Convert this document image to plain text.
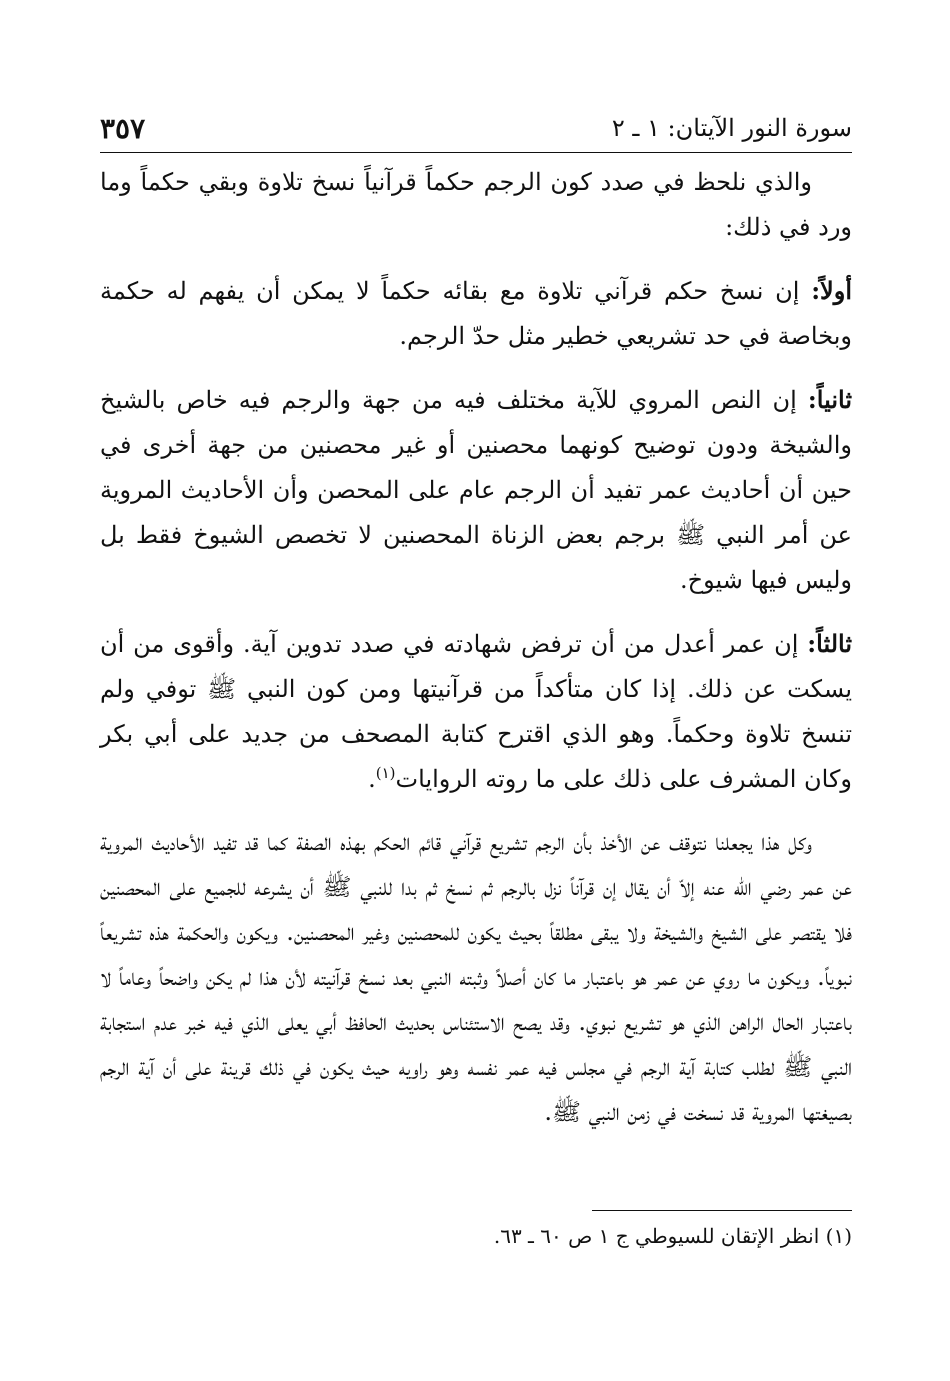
سورة النور الآيتان: ١ ـ ٢
٣٥٧

والذي نلحظ في صدد كون الرجم حكماً قرآنياً نسخ تلاوة وبقي حكماً وما ورد في ذلك:

أولاً: إن نسخ حكم قرآني تلاوة مع بقائه حكماً لا يمكن أن يفهم له حكمة وبخاصة في حد تشريعي خطير مثل حدّ الرجم.

ثانياً: إن النص المروي للآية مختلف فيه من جهة والرجم فيه خاص بالشيخ والشيخة ودون توضيح كونهما محصنين أو غير محصنين من جهة أخرى في حين أن أحاديث عمر تفيد أن الرجم عام على المحصن وأن الأحاديث المروية عن أمر النبي ﷺ برجم بعض الزناة المحصنين لا تخصص الشيوخ فقط بل وليس فيها شيوخ.

ثالثاً: إن عمر أعدل من أن ترفض شهادته في صدد تدوين آية. وأقوى من أن يسكت عن ذلك. إذا كان متأكداً من قرآنيتها ومن كون النبي ﷺ توفي ولم تنسخ تلاوة وحكماً. وهو الذي اقترح كتابة المصحف من جديد على أبي بكر وكان المشرف على ذلك على ما روته الروايات$^{(١)}$.

وكل هذا يجعلنا نتوقف عن الأخذ بأن الرجم تشريع قرآني قائم الحكم بهذه الصفة كما قد تفيد الأحاديث المروية عن عمر رضي الله عنه إلاّ أن يقال إن قرآناً نزل بالرجم ثم نسخ ثم بدا للنبي ﷺ أن يشرعه للجميع على المحصنين فلا يقتصر على الشيخ والشيخة ولا يبقى مطلقاً بحيث يكون للمحصنين وغير المحصنين. ويكون والحكمة هذه تشريعاً نبوياً. ويكون ما روي عن عمر هو باعتبار ما كان أصلاً وثبته النبي بعد نسخ قرآنيته لأن هذا لم يكن واضحاً وعاماً لا باعتبار الحال الراهن الذي هو تشريع نبوي. وقد يصح الاستئناس بحديث الحافظ أبي يعلى الذي فيه خبر عدم استجابة النبي ﷺ لطلب كتابة آية الرجم في مجلس فيه عمر نفسه وهو راويه حيث يكون في ذلك قرينة على أن آية الرجم بصيغتها المروية قد نسخت في زمن النبي ﷺ.

(١) انظر الإتقان للسيوطي ج ١ ص ٦٠ ـ ٦٣.
